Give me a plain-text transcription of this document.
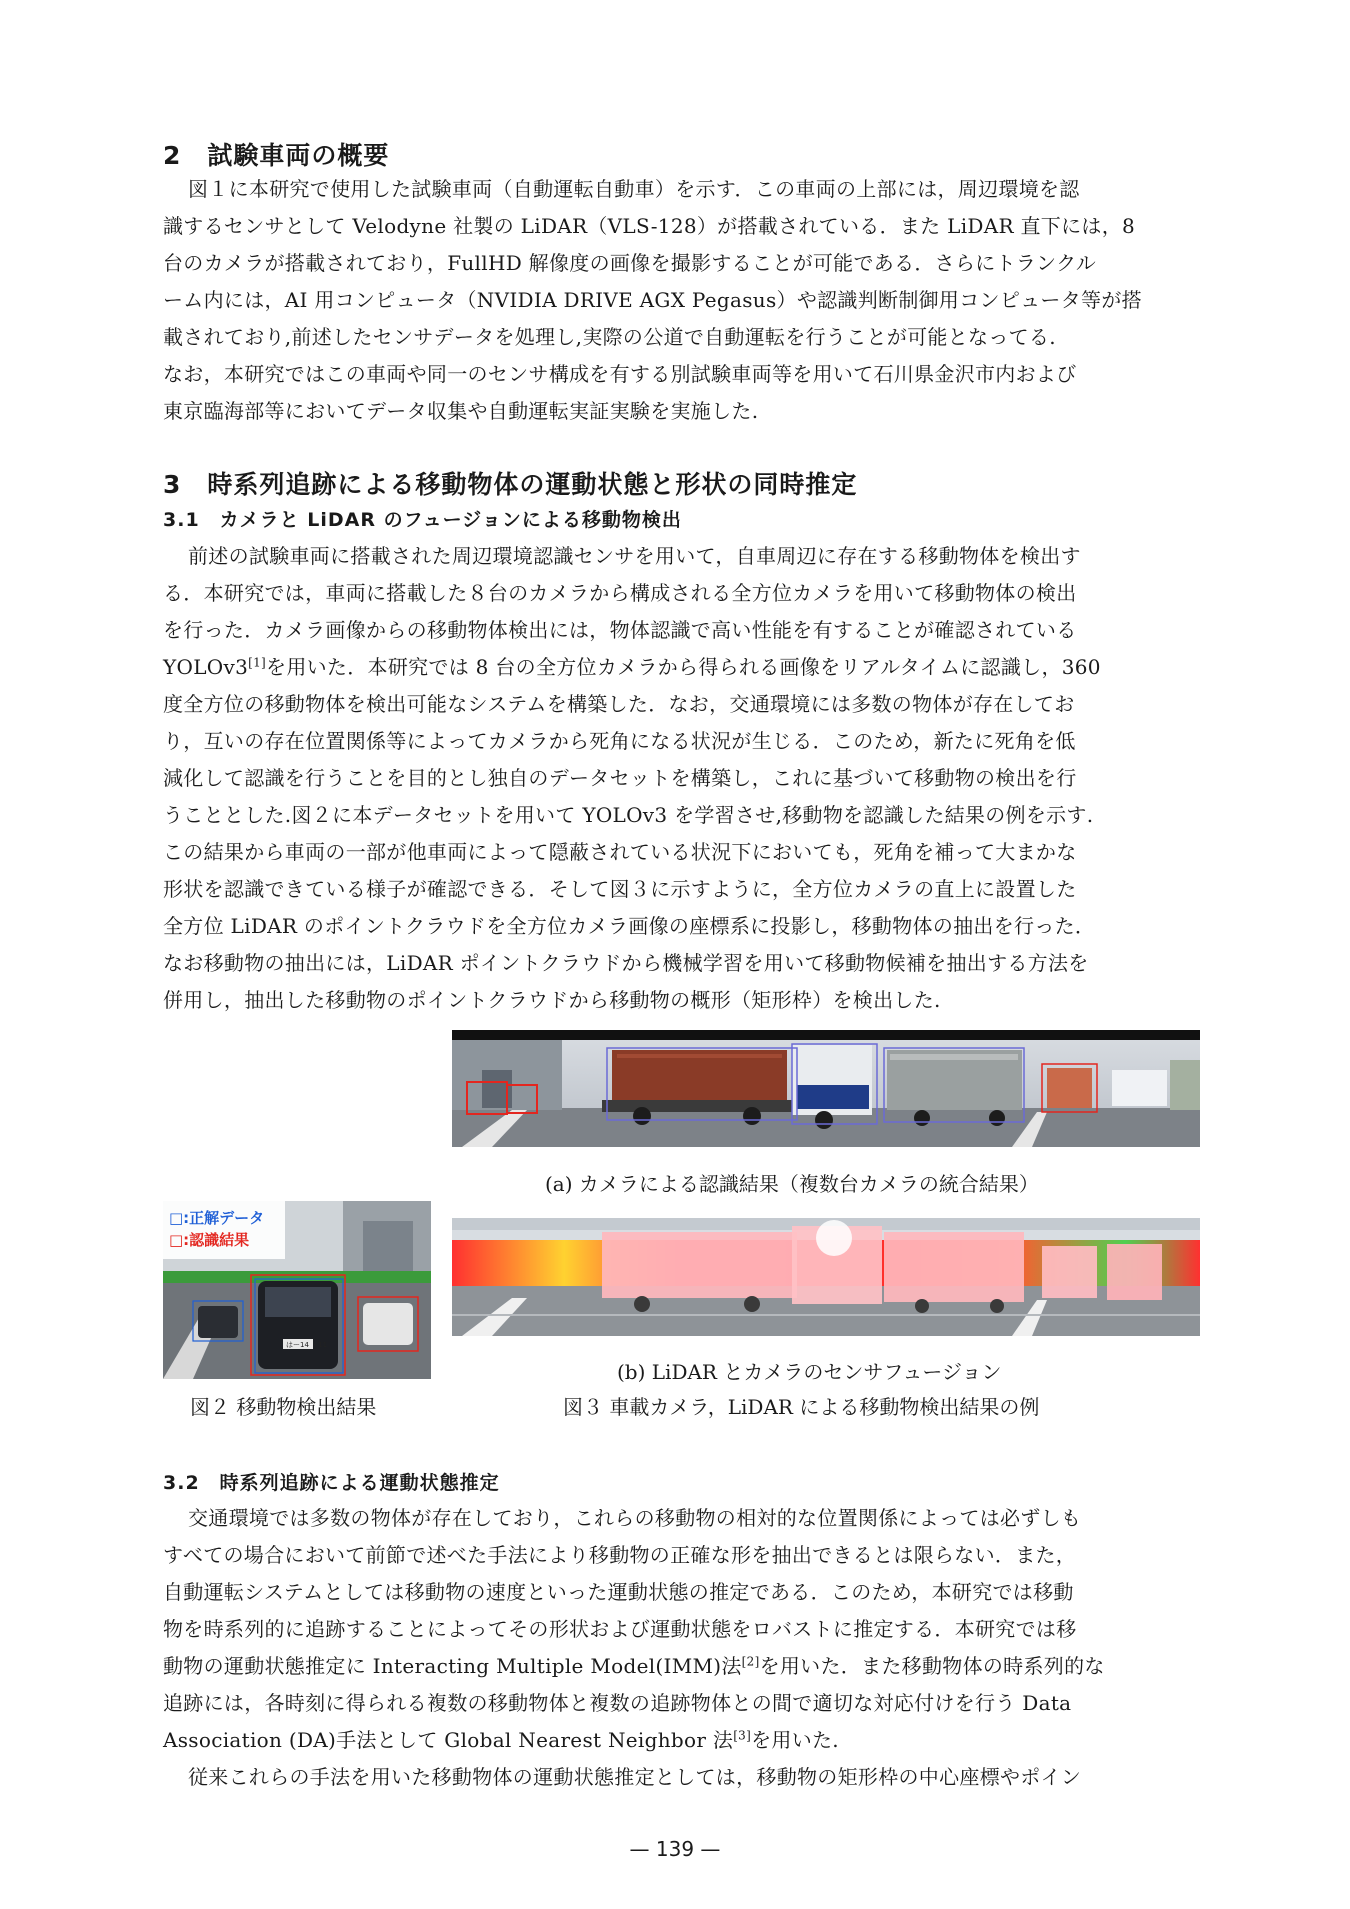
2　試験車両の概要
図１に本研究で使用した試験車両（自動運転自動車）を示す．この車両の上部には，周辺環境を認
識するセンサとして Velodyne 社製の LiDAR（VLS-128）が搭載されている．また LiDAR 直下には，8
台のカメラが搭載されており，FullHD 解像度の画像を撮影することが可能である．さらにトランクル
ーム内には，AI 用コンピュータ（NVIDIA DRIVE AGX Pegasus）や認識判断制御用コンピュータ等が搭
載されており,前述したセンサデータを処理し,実際の公道で自動運転を行うことが可能となってる.
なお，本研究ではこの車両や同一のセンサ構成を有する別試験車両等を用いて石川県金沢市内および
東京臨海部等においてデータ収集や自動運転実証実験を実施した.
3　時系列追跡による移動物体の運動状態と形状の同時推定
3.1　カメラと LiDAR のフュージョンによる移動物検出
前述の試験車両に搭載された周辺環境認識センサを用いて，自車周辺に存在する移動物体を検出す
る．本研究では，車両に搭載した８台のカメラから構成される全方位カメラを用いて移動物体の検出
を行った．カメラ画像からの移動物体検出には，物体認識で高い性能を有することが確認されている
YOLOv3[1]を用いた．本研究では 8 台の全方位カメラから得られる画像をリアルタイムに認識し，360
度全方位の移動物体を検出可能なシステムを構築した．なお，交通環境には多数の物体が存在してお
り，互いの存在位置関係等によってカメラから死角になる状況が生じる．このため，新たに死角を低
減化して認識を行うことを目的とし独自のデータセットを構築し，これに基づいて移動物の検出を行
うこととした.図２に本データセットを用いて YOLOv3 を学習させ,移動物を認識した結果の例を示す.
この結果から車両の一部が他車両によって隠蔽されている状況下においても，死角を補って大まかな
形状を認識できている様子が確認できる．そして図３に示すように，全方位カメラの直上に設置した
全方位 LiDAR のポイントクラウドを全方位カメラ画像の座標系に投影し，移動物体の抽出を行った．
なお移動物の抽出には，LiDAR ポイントクラウドから機械学習を用いて移動物候補を抽出する方法を
併用し，抽出した移動物のポイントクラウドから移動物の概形（矩形枠）を検出した.
(a) カメラによる認識結果（複数台カメラの統合結果）
はー14 ・11
□:正解データ
□:認識結果
(b) LiDAR とカメラのセンサフュージョン
図２ 移動物検出結果	図３ 車載カメラ，LiDAR による移動物検出結果の例
3.2　時系列追跡による運動状態推定
交通環境では多数の物体が存在しており，これらの移動物の相対的な位置関係によっては必ずしも
すべての場合において前節で述べた手法により移動物の正確な形を抽出できるとは限らない．また，
自動運転システムとしては移動物の速度といった運動状態の推定である．このため，本研究では移動
物を時系列的に追跡することによってその形状および運動状態をロバストに推定する．本研究では移
動物の運動状態推定に Interacting Multiple Model(IMM)法[2]を用いた．また移動物体の時系列的な
追跡には，各時刻に得られる複数の移動物体と複数の追跡物体との間で適切な対応付けを行う Data
Association (DA)手法として Global Nearest Neighbor 法[3]を用いた.
従来これらの手法を用いた移動物体の運動状態推定としては，移動物の矩形枠の中心座標やポイン
— 139 —
